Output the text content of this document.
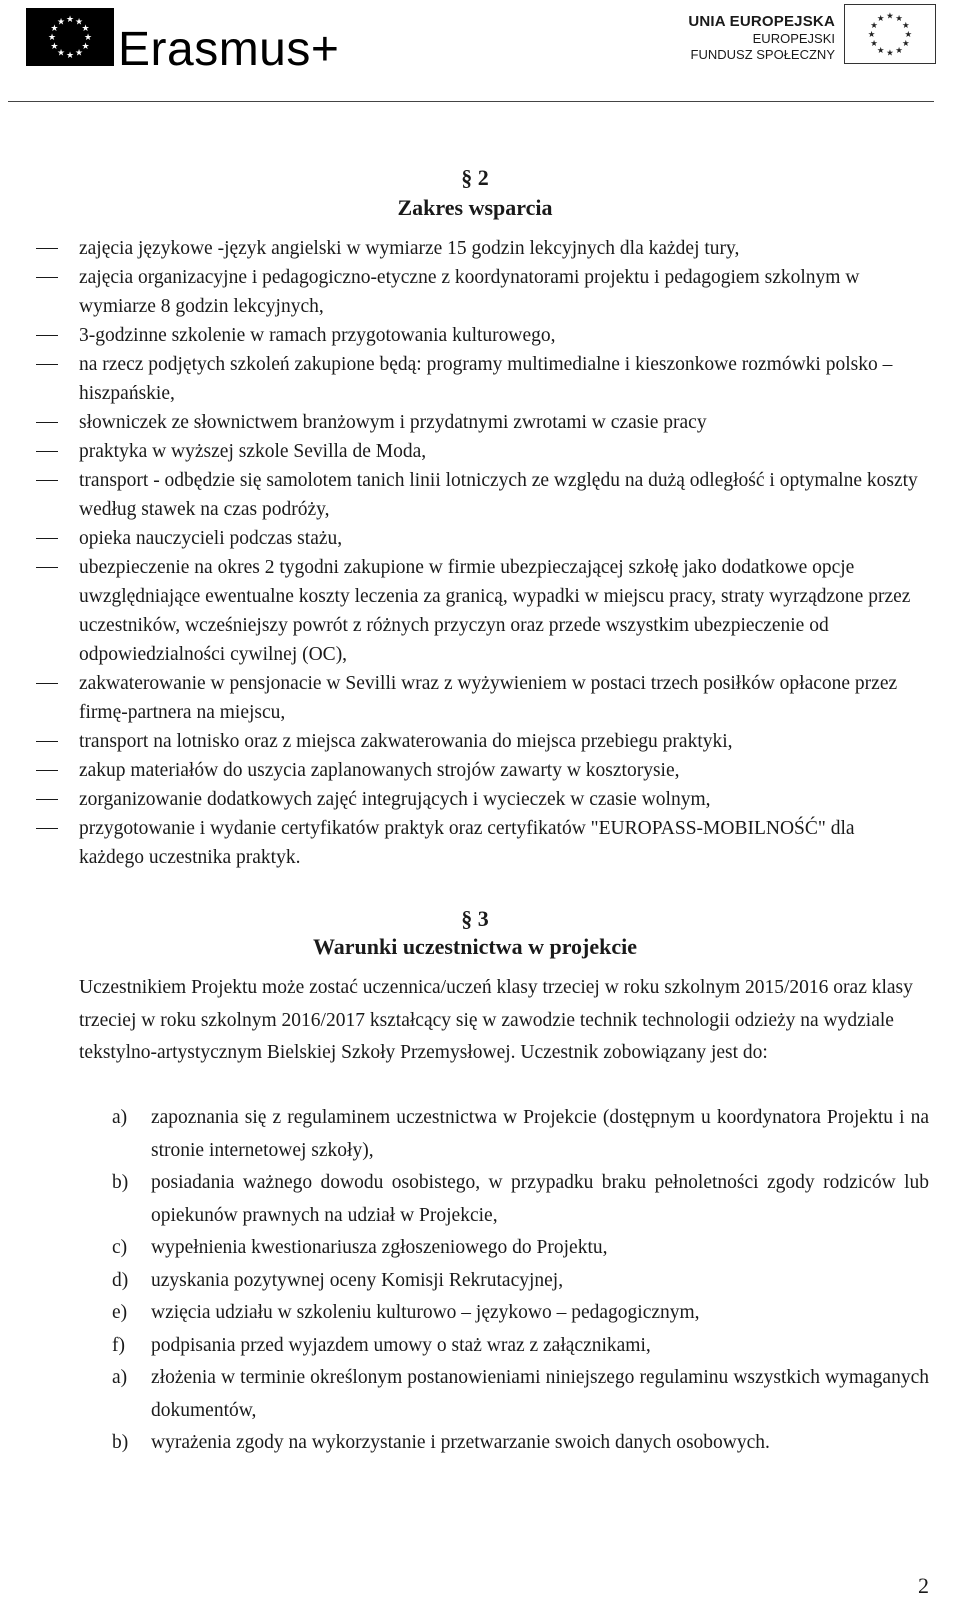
★ ★
★
★
★
★
★
★
★
★
★
★
Erasmus+
UNIA EUROPEJSKA
EUROPEJSKI
FUNDUSZ SPOŁECZNY
★ ★
★
★
★
★
★
★
★
★
★
★
§ 2
Zakres wsparcia
zajęcia językowe -język angielski w wymiarze 15 godzin lekcyjnych dla każdej tury,
zajęcia organizacyjne i pedagogiczno-etyczne z koordynatorami projektu i pedagogiem szkolnym w wymiarze 8 godzin lekcyjnych,
3-godzinne szkolenie w ramach przygotowania kulturowego,
na rzecz podjętych szkoleń zakupione będą: programy multimedialne i kieszonkowe rozmówki polsko – hiszpańskie,
słowniczek ze słownictwem branżowym i przydatnymi zwrotami w czasie pracy
praktyka w wyższej szkole Sevilla de Moda,
transport - odbędzie się samolotem tanich linii lotniczych ze względu na dużą odległość i optymalne koszty według stawek na czas podróży,
opieka nauczycieli podczas stażu,
ubezpieczenie na okres 2 tygodni zakupione w firmie ubezpieczającej szkołę jako dodatkowe opcje uwzględniające ewentualne koszty leczenia za granicą, wypadki w miejscu pracy, straty wyrządzone przez uczestników, wcześniejszy powrót z różnych przyczyn oraz przede wszystkim ubezpieczenie od odpowiedzialności cywilnej (OC),
zakwaterowanie w pensjonacie w Sevilli wraz z wyżywieniem w postaci trzech posiłków opłacone przez firmę-partnera na miejscu,
transport na lotnisko oraz z miejsca zakwaterowania do miejsca przebiegu praktyki,
zakup materiałów do uszycia zaplanowanych strojów zawarty w kosztorysie,
zorganizowanie dodatkowych zajęć integrujących i wycieczek w czasie wolnym,
przygotowanie i wydanie certyfikatów praktyk oraz certyfikatów "EUROPASS-MOBILNOŚĆ" dla każdego uczestnika praktyk.
§ 3
Warunki uczestnictwa w projekcie

Uczestnikiem Projektu może zostać uczennica/uczeń klasy trzeciej w roku szkolnym 2015/2016 oraz klasy trzeciej w roku szkolnym 2016/2017 kształcący się w zawodzie technik technologii odzieży na wydziale tekstylno-artystycznym Bielskiej Szkoły Przemysłowej. Uczestnik zobowiązany jest do:

a) zapoznania się z regulaminem uczestnictwa w Projekcie (dostępnym u koordynatora Projektu i na stronie internetowej szkoły),
b) posiadania ważnego dowodu osobistego, w przypadku braku pełnoletności zgody rodziców lub opiekunów prawnych na udział w Projekcie,
c) wypełnienia kwestionariusza zgłoszeniowego do Projektu,
d) uzyskania pozytywnej oceny Komisji Rekrutacyjnej,
e) wzięcia udziału w szkoleniu kulturowo – językowo – pedagogicznym,
f) podpisania przed wyjazdem umowy o staż wraz z załącznikami,
a) złożenia w terminie określonym postanowieniami niniejszego regulaminu wszystkich wymaganych dokumentów,
b) wyrażenia zgody na wykorzystanie i przetwarzanie swoich danych osobowych.
2
